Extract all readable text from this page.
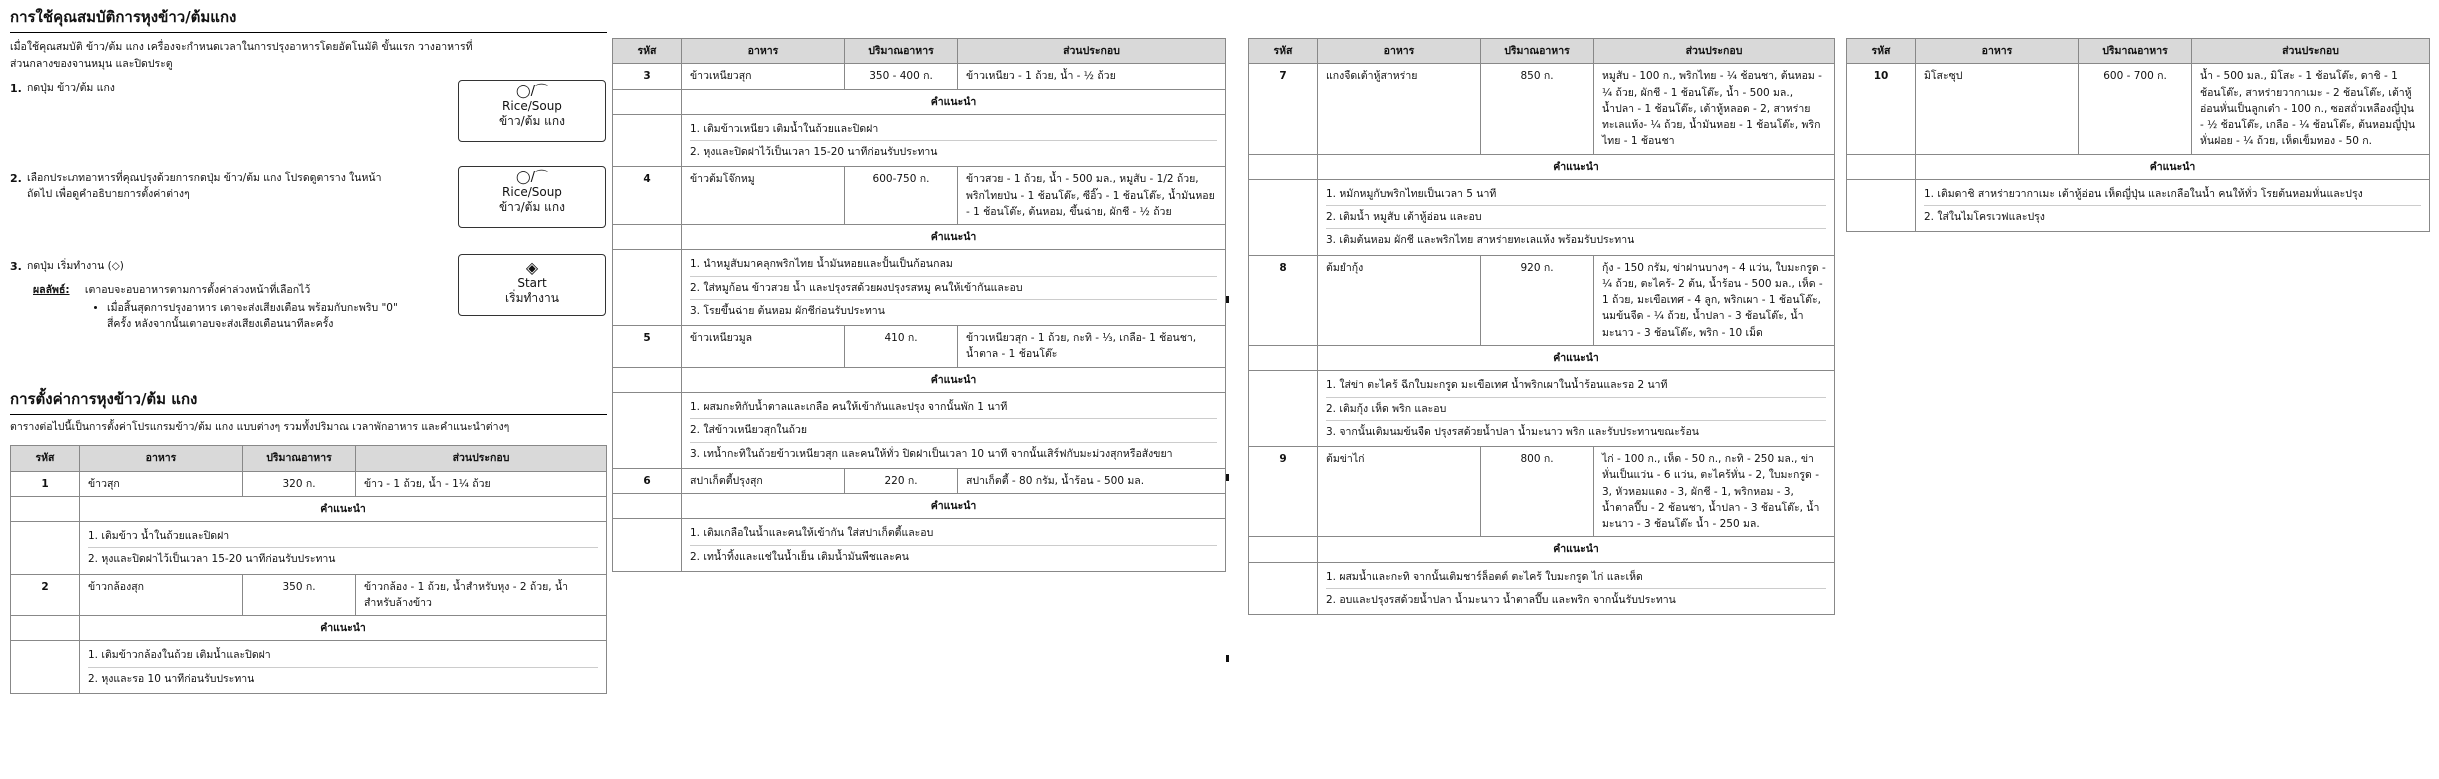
การใช้คุณสมบัติการหุงข้าว/ต้มแกง
เมื่อใช้คุณสมบัติ ข้าว/ต้ม แกง เครื่องจะกำหนดเวลาในการปรุงอาหารโดยอัตโนมัติ ขั้นแรก วางอาหารที่ส่วนกลางของจานหมุน และปิดประตู
1. กดปุ่ม ข้าว/ต้ม แกง	◯/⌒
Rice/Soup
ข้าว/ต้ม แกง
2. เลือกประเภทอาหารที่คุณปรุงด้วยการกดปุ่ม ข้าว/ต้ม แกง โปรดดูตาราง ในหน้าถัดไป เพื่อดูคำอธิบายการตั้งค่าต่างๆ
◯/⌒
Rice/Soup
ข้าว/ต้ม แกง
3. กดปุ่ม เริ่มทำงาน (◇)	◈
Start
เริ่มทำงาน
ผลลัพธ์: เตาอบจะอบอาหารตามการตั้งค่าล่วงหน้าที่เลือกไว้
• เมื่อสิ้นสุดการปรุงอาหาร เตาจะส่งเสียงเตือน พร้อมกับกะพริบ "0" สี่ครั้ง หลังจากนั้นเตาอบจะส่งเสียงเตือนนาทีละครั้ง
การตั้งค่าการหุงข้าว/ต้ม แกง
ตารางต่อไปนี้เป็นการตั้งค่าโปรแกรมข้าว/ต้ม แกง แบบต่างๆ รวมทั้งปริมาณ เวลาพักอาหาร และคำแนะนำต่างๆ
รหัส	อาหาร	ปริมาณอาหาร	ส่วนประกอบ
1	ข้าวสุก	320 ก.	ข้าว - 1 ถ้วย, น้ำ - 1¼ ถ้วย
	คำแนะนำ		

	1. เติมข้าว น้ำในถ้วยและปิดฝา
2. หุงและปิดฝาไว้เป็นเวลา 15-20 นาทีก่อนรับประทาน		

2	ข้าวกล้องสุก	350 ก.	ข้าวกล้อง - 1 ถ้วย, น้ำสำหรับหุง - 2 ถ้วย, น้ำสำหรับล้างข้าว
	คำแนะนำ		

	1. เติมข้าวกล้องในถ้วย เติมน้ำและปิดฝา
2. หุงและรอ 10 นาทีก่อนรับประทาน		
รหัส	อาหาร	ปริมาณอาหาร	ส่วนประกอบ
3	ข้าวเหนียวสุก	350 - 400 ก.	ข้าวเหนียว - 1 ถ้วย, น้ำ - ½ ถ้วย
	คำแนะนำ		

	1. เติมข้าวเหนียว เติมน้ำในถ้วยและปิดฝา
2. หุงและปิดฝาไว้เป็นเวลา 15-20 นาทีก่อนรับประทาน		

4	ข้าวต้มโจ๊กหมู	600-750 ก.	ข้าวสวย - 1 ถ้วย, น้ำ - 500 มล., หมูสับ - 1/2 ถ้วย, พริกไทยป่น - 1 ช้อนโต๊ะ, ซีอิ๊ว - 1 ช้อนโต๊ะ, น้ำมันหอย - 1 ช้อนโต๊ะ, ต้นหอม, ขึ้นฉ่าย, ผักชี - ½ ถ้วย
	คำแนะนำ		

	1. นำหมูสับมาคลุกพริกไทย น้ำมันหอยและปั้นเป็นก้อนกลม
2. ใส่หมูก้อน ข้าวสวย น้ำ และปรุงรสด้วยผงปรุงรสหมู คนให้เข้ากันและอบ
3. โรยขึ้นฉ่าย ต้นหอม ผักชีก่อนรับประทาน		

5	ข้าวเหนียวมูล	410 ก.	ข้าวเหนียวสุก - 1 ถ้วย, กะทิ - ⅓, เกลือ- 1 ช้อนชา, น้ำตาล - 1 ช้อนโต๊ะ
	คำแนะนำ		

	1. ผสมกะทิกับน้ำตาลและเกลือ คนให้เข้ากันและปรุง จากนั้นพัก 1 นาที
2. ใส่ข้าวเหนียวสุกในถ้วย
3. เทน้ำกะทิในถ้วยข้าวเหนียวสุก และคนให้ทั่ว ปิดฝาเป็นเวลา 10 นาที จากนั้นเสิร์ฟกับมะม่วงสุกหรือสังขยา		

6	สปาเก็ตตี้ปรุงสุก	220 ก.	สปาเก็ตตี้ - 80 กรัม, น้ำร้อน - 500 มล.
	คำแนะนำ		

	1. เติมเกลือในน้ำและคนให้เข้ากัน ใส่สปาเก็ตตี้และอบ
2. เทน้ำทิ้งและแช่ในน้ำเย็น เติมน้ำมันพืชและคน		
รหัส	อาหาร	ปริมาณอาหาร	ส่วนประกอบ
7	แกงจืดเต้าหู้สาหร่าย	850 ก.	หมูสับ - 100 ก., พริกไทย - ¼ ช้อนชา, ต้นหอม - ¼ ถ้วย, ผักชี - 1 ช้อนโต๊ะ, น้ำ - 500 มล., น้ำปลา - 1 ช้อนโต๊ะ, เต้าหู้หลอด - 2, สาหร่ายทะเลแห้ง- ¼ ถ้วย, น้ำมันหอย - 1 ช้อนโต๊ะ, พริกไทย - 1 ช้อนชา
	คำแนะนำ		

	1. หมักหมูกับพริกไทยเป็นเวลา 5 นาที
2. เติมน้ำ หมูสับ เต้าหู้อ่อน และอบ
3. เติมต้นหอม ผักชี และพริกไทย สาหร่ายทะเลแห้ง พร้อมรับประทาน		

8	ต้มยำกุ้ง	920 ก.	กุ้ง - 150 กรัม, ข่าฝานบางๆ - 4 แว่น, ใบมะกรูด - ¼ ถ้วย, ตะไคร้- 2 ต้น, น้ำร้อน - 500 มล., เห็ด - 1 ถ้วย, มะเขือเทศ - 4 ลูก, พริกเผา - 1 ช้อนโต๊ะ, นมข้นจืด - ¼ ถ้วย, น้ำปลา - 3 ช้อนโต๊ะ, น้ำมะนาว - 3 ช้อนโต๊ะ, พริก - 10 เม็ด
	คำแนะนำ		

	1. ใส่ข่า ตะไคร้ ฉีกใบมะกรูด มะเขือเทศ น้ำพริกเผาในน้ำร้อนและรอ 2 นาที
2. เติมกุ้ง เห็ด พริก และอบ
3. จากนั้นเติมนมข้นจืด ปรุงรสด้วยน้ำปลา น้ำมะนาว พริก และรับประทานขณะร้อน		

9	ต้มข่าไก่	800 ก.	ไก่ - 100 ก., เห็ด - 50 ก., กะทิ - 250 มล., ข่าหั่นเป็นแว่น - 6 แว่น, ตะไคร้หั่น - 2, ใบมะกรูด - 3, หัวหอมแดง - 3, ผักชี - 1, พริกหอม - 3, น้ำตาลปี๊บ - 2 ช้อนชา, น้ำปลา - 3 ช้อนโต๊ะ, น้ำมะนาว - 3 ช้อนโต๊ะ น้ำ - 250 มล.
	คำแนะนำ		

	1. ผสมน้ำและกะทิ จากนั้นเติมชาร์ล็อตต์ ตะไคร้ ใบมะกรูด ไก่ และเห็ด
2. อบและปรุงรสด้วยน้ำปลา น้ำมะนาว น้ำตาลปี๊บ และพริก จากนั้นรับประทาน		
รหัส	อาหาร	ปริมาณอาหาร	ส่วนประกอบ
10	มิโสะซุป	600 - 700 ก.	น้ำ - 500 มล., มิโสะ - 1 ช้อนโต๊ะ, ดาชิ - 1 ช้อนโต๊ะ, สาหร่ายวากาเมะ - 2 ช้อนโต๊ะ, เต้าหู้อ่อนหั่นเป็นลูกเต๋า - 100 ก., ซอสถั่วเหลืองญี่ปุ่น - ½ ช้อนโต๊ะ, เกลือ - ¼ ช้อนโต๊ะ, ต้นหอมญี่ปุ่นหั่นฝอย - ¼ ถ้วย, เห็ดเข็มทอง - 50 ก.
	คำแนะนำ		

	1. เติมดาชิ สาหร่ายวากาเมะ เต้าหู้อ่อน เห็ดญี่ปุ่น และเกลือในน้ำ คนให้ทั่ว โรยต้นหอมหั่นและปรุง
2. ใส่ในไมโครเวฟและปรุง		
